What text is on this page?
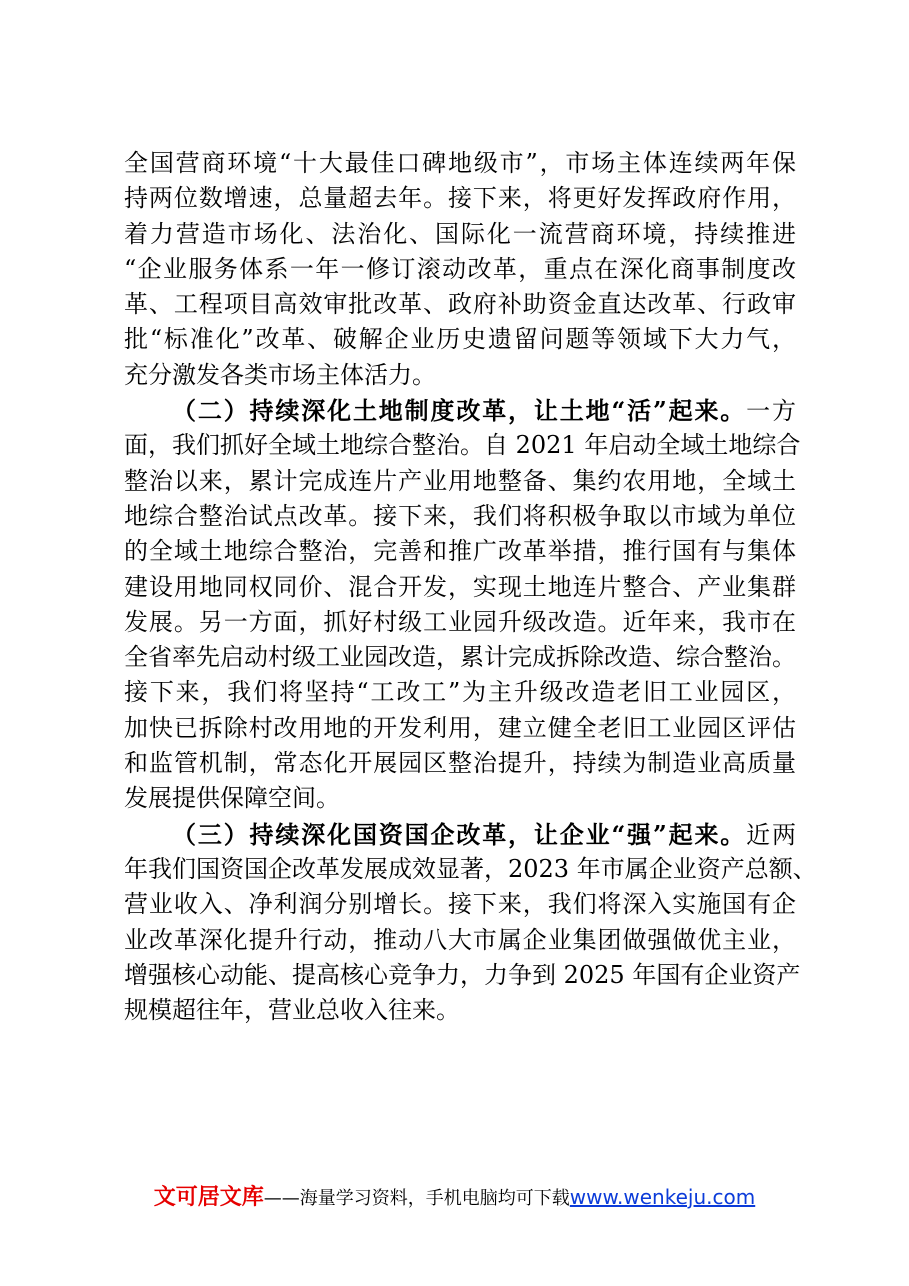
全国营商环境“十大最佳口碑地级市”，市场主体连续两年保
持两位数增速，总量超去年。接下来，将更好发挥政府作用，
着力营造市场化、法治化、国际化一流营商环境，持续推进
“企业服务体系一年一修订滚动改革，重点在深化商事制度改
革、工程项目高效审批改革、政府补助资金直达改革、行政审
批“标准化”改革、破解企业历史遗留问题等领域下大力气，
充分激发各类市场主体活力。
（二）持续深化土地制度改革，让土地“活”起来。一方
面，我们抓好全域土地综合整治。自 2021 年启动全域土地综合
整治以来，累计完成连片产业用地整备、集约农用地，全域土
地综合整治试点改革。接下来，我们将积极争取以市域为单位
的全域土地综合整治，完善和推广改革举措，推行国有与集体
建设用地同权同价、混合开发，实现土地连片整合、产业集群
发展。另一方面，抓好村级工业园升级改造。近年来，我市在
全省率先启动村级工业园改造，累计完成拆除改造、综合整治。
接下来，我们将坚持“工改工”为主升级改造老旧工业园区，
加快已拆除村改用地的开发利用，建立健全老旧工业园区评估
和监管机制，常态化开展园区整治提升，持续为制造业高质量
发展提供保障空间。
（三）持续深化国资国企改革，让企业“强”起来。近两
年我们国资国企改革发展成效显著，2023 年市属企业资产总额、
营业收入、净利润分别增长。接下来，我们将深入实施国有企
业改革深化提升行动，推动八大市属企业集团做强做优主业，
增强核心动能、提高核心竞争力，力争到 2025 年国有企业资产
规模超往年，营业总收入往来。
文可居文库 ——海量学习资料，手机电脑均可下载 www.wenkeju.com
